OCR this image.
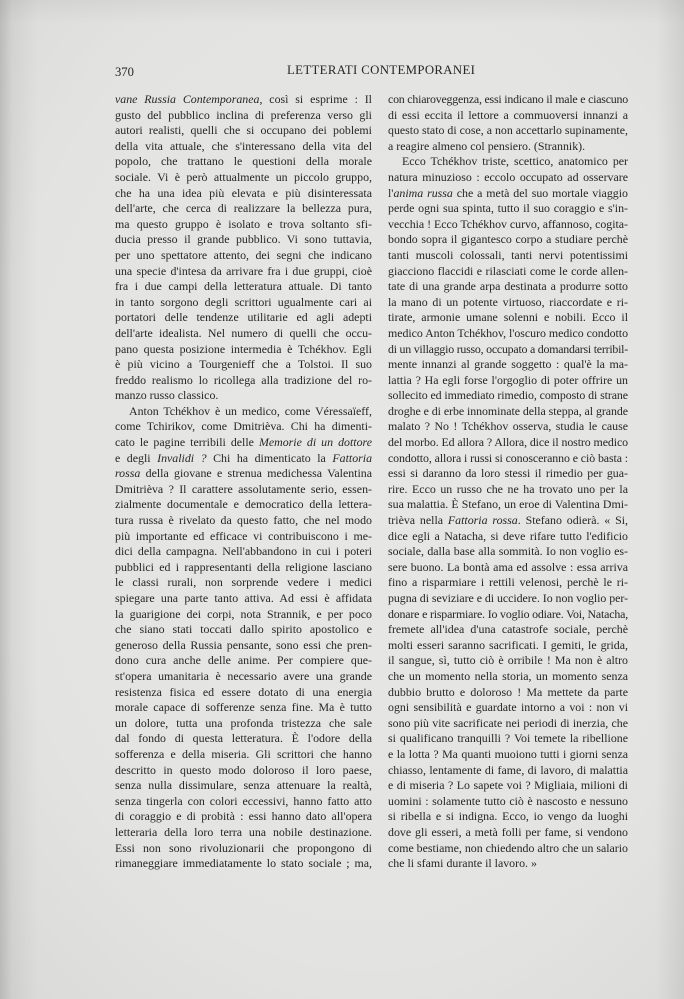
370	LETTERATI CONTEMPORANEI
vane Russia Contemporanea, così si esprime : Il
gusto del pubblico inclina di preferenza verso gli
autori realisti, quelli che si occupano dei poblemi
della vita attuale, che s'interessano della vita del
popolo, che trattano le questioni della morale
sociale. Vi è però attualmente un piccolo gruppo,
che ha una idea più elevata e più disinteressata
dell'arte, che cerca di realizzare la bellezza pura,
ma questo gruppo è isolato e trova soltanto sfi-
ducia presso il grande pubblico. Vi sono tuttavia,
per uno spettatore attento, dei segni che indicano
una specie d'intesa da arrivare fra i due gruppi, cioè
fra i due campi della letteratura attuale. Di tanto
in tanto sorgono degli scrittori ugualmente cari ai
portatori delle tendenze utilitarie ed agli adepti
dell'arte idealista. Nel numero di quelli che occu-
pano questa posizione intermedia è Tchékhov. Egli
è più vicino a Tourgenieff che a Tolstoi. Il suo
freddo realismo lo ricollega alla tradizione del ro-
manzo russo classico.
Anton Tchékhov è un medico, come Véressaïeff,
come Tchirikov, come Dmitrièva. Chi ha dimenti-
cato le pagine terribili delle Memorie di un dottore
e degli Invalidi ? Chi ha dimenticato la Fattoria
rossa della giovane e strenua medichessa Valentina
Dmitrièva ? Il carattere assolutamente serio, essen-
zialmente documentale e democratico della lettera-
tura russa è rivelato da questo fatto, che nel modo
più importante ed efficace vi contribuiscono i me-
dici della campagna. Nell'abbandono in cui i poteri
pubblici ed i rappresentanti della religione lasciano
le classi rurali, non sorprende vedere i medici
spiegare una parte tanto attiva. Ad essi è affidata
la guarigione dei corpi, nota Strannik, e per poco
che siano stati toccati dallo spirito apostolico e
generoso della Russia pensante, sono essi che pren-
dono cura anche delle anime. Per compiere que-
st'opera umanitaria è necessario avere una grande
resistenza fisica ed essere dotato di una energia
morale capace di sofferenze senza fine. Ma è tutto
un dolore, tutta una profonda tristezza che sale
dal fondo di questa letteratura. È l'odore della
sofferenza e della miseria. Gli scrittori che hanno
descritto in questo modo doloroso il loro paese,
senza nulla dissimulare, senza attenuare la realtà,
senza tingerla con colori eccessivi, hanno fatto atto
di coraggio e di probità : essi hanno dato all'opera
letteraria della loro terra una nobile destinazione.
Essi non sono rivoluzionarii che propongono di
rimaneggiare immediatamente lo stato sociale ; ma,
con chiaroveggenza, essi indicano il male e ciascuno
di essi eccita il lettore a commuoversi innanzi a
questo stato di cose, a non accettarlo supinamente,
a reagire almeno col pensiero. (Strannik).
Ecco Tchékhov triste, scettico, anatomico per
natura minuzioso : eccolo occupato ad osservare
l'anima russa che a metà del suo mortale viaggio
perde ogni sua spinta, tutto il suo coraggio e s'in-
vecchia ! Ecco Tchékhov curvo, affannoso, cogita-
bondo sopra il gigantesco corpo a studiare perchè
tanti muscoli colossali, tanti nervi potentissimi
giacciono flaccidi e rilasciati come le corde allen-
tate di una grande arpa destinata a produrre sotto
la mano di un potente virtuoso, riaccordate e ri-
tirate, armonie umane solenni e nobili. Ecco il
medico Anton Tchékhov, l'oscuro medico condotto
di un villaggio russo, occupato a domandarsi terribil-
mente innanzi al grande soggetto : qual'è la ma-
lattia ? Ha egli forse l'orgoglio di poter offrire un
sollecito ed immediato rimedio, composto di strane
droghe e di erbe innominate della steppa, al grande
malato ? No ! Tchékhov osserva, studia le cause
del morbo. Ed allora ? Allora, dice il nostro medico
condotto, allora i russi si conosceranno e ciò basta :
essi si daranno da loro stessi il rimedio per gua-
rire. Ecco un russo che ne ha trovato uno per la
sua malattia. È Stefano, un eroe di Valentina Dmi-
trièva nella Fattoria rossa. Stefano odierà. « Si,
dice egli a Natacha, si deve rifare tutto l'edificio
sociale, dalla base alla sommità. Io non voglio es-
sere buono. La bontà ama ed assolve : essa arriva
fino a risparmiare i rettili velenosi, perchè le ri-
pugna di seviziare e di uccidere. Io non voglio per-
donare e risparmiare. Io voglio odiare. Voi, Natacha,
fremete all'idea d'una catastrofe sociale, perchè
molti esseri saranno sacrificati. I gemiti, le grida,
il sangue, sì, tutto ciò è orribile ! Ma non è altro
che un momento nella storia, un momento senza
dubbio brutto e doloroso ! Ma mettete da parte
ogni sensibilità e guardate intorno a voi : non vi
sono più vite sacrificate nei periodi di inerzia, che
si qualificano tranquilli ? Voi temete la ribellione
e la lotta ? Ma quanti muoiono tutti i giorni senza
chiasso, lentamente di fame, di lavoro, di malattia
e di miseria ? Lo sapete voi ? Migliaia, milioni di
uomini : solamente tutto ciò è nascosto e nessuno
si ribella e si indigna. Ecco, io vengo da luoghi
dove gli esseri, a metà folli per fame, si vendono
come bestiame, non chiedendo altro che un salario
che li sfami durante il lavoro. »
